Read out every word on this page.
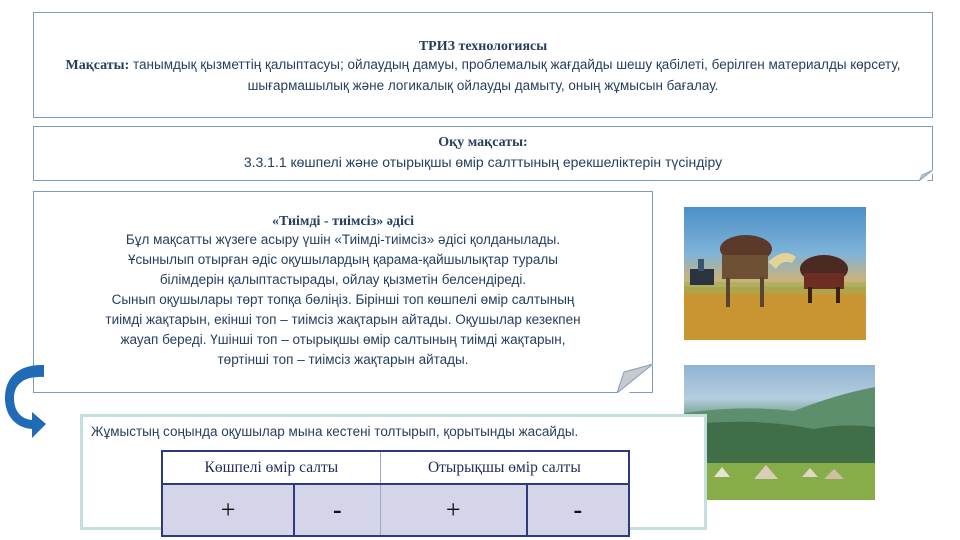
ТРИЗ технологиясы
Мақсаты: танымдық қызметтің қалыптасуы; ойлаудың дамуы, проблемалық жағдайды шешу қабілеті, берілген материалды көрсету, шығармашылық және логикалық ойлауды дамыту, оның жұмысын бағалау.
Оқу мақсаты:
3.3.1.1 көшпелі және отырықшы өмір салттының ерекшеліктерін түсіндіру
«Тиімді - тиімсіз» әдісі
Бұл мақсатты жүзеге асыру үшін «Тиімді-тиімсіз» әдісі қолданылады.
Ұсынылып отырған әдіс оқушылардың қарама-қайшылықтар туралы
білімдерін қалыптастырады, ойлау қызметін белсендіреді.
Сынып оқушылары төрт топқа бөліңіз. Бірінші топ көшпелі өмір салтының
тиімді жақтарын, екінші топ – тиімсіз жақтарын айтады. Оқушылар кезекпен
жауап береді. Үшінші топ – отырықшы өмір салтының тиімді жақтарын,
төртінші топ – тиімсіз жақтарын айтады.
Жұмыстың соңында оқушылар мына кестені толтырып, қорытынды жасайды.
Көшпелі өмір салты		Отырықшы өмір салты	
+	-	+	-
